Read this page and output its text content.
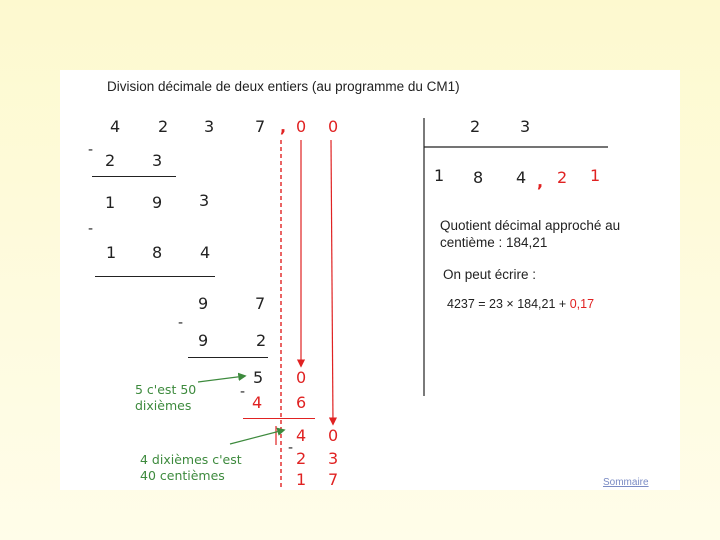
Division décimale de deux entiers (au programme du CM1)
4 2 3	7 , 0 0
-
2 3
1 9 3
-
1 8 4
9	7
-
9	2
5 0
-
4 6
4 0
-
2 3
1 7
5 c'est 50
dixièmes
4 dixièmes c'est
40 centièmes
2 3
1 8 4 , 2 1
Quotient décimal approché au
centième : 184,21
On peut écrire :
4237 = 23 × 184,21 + 0,17
Sommaire
